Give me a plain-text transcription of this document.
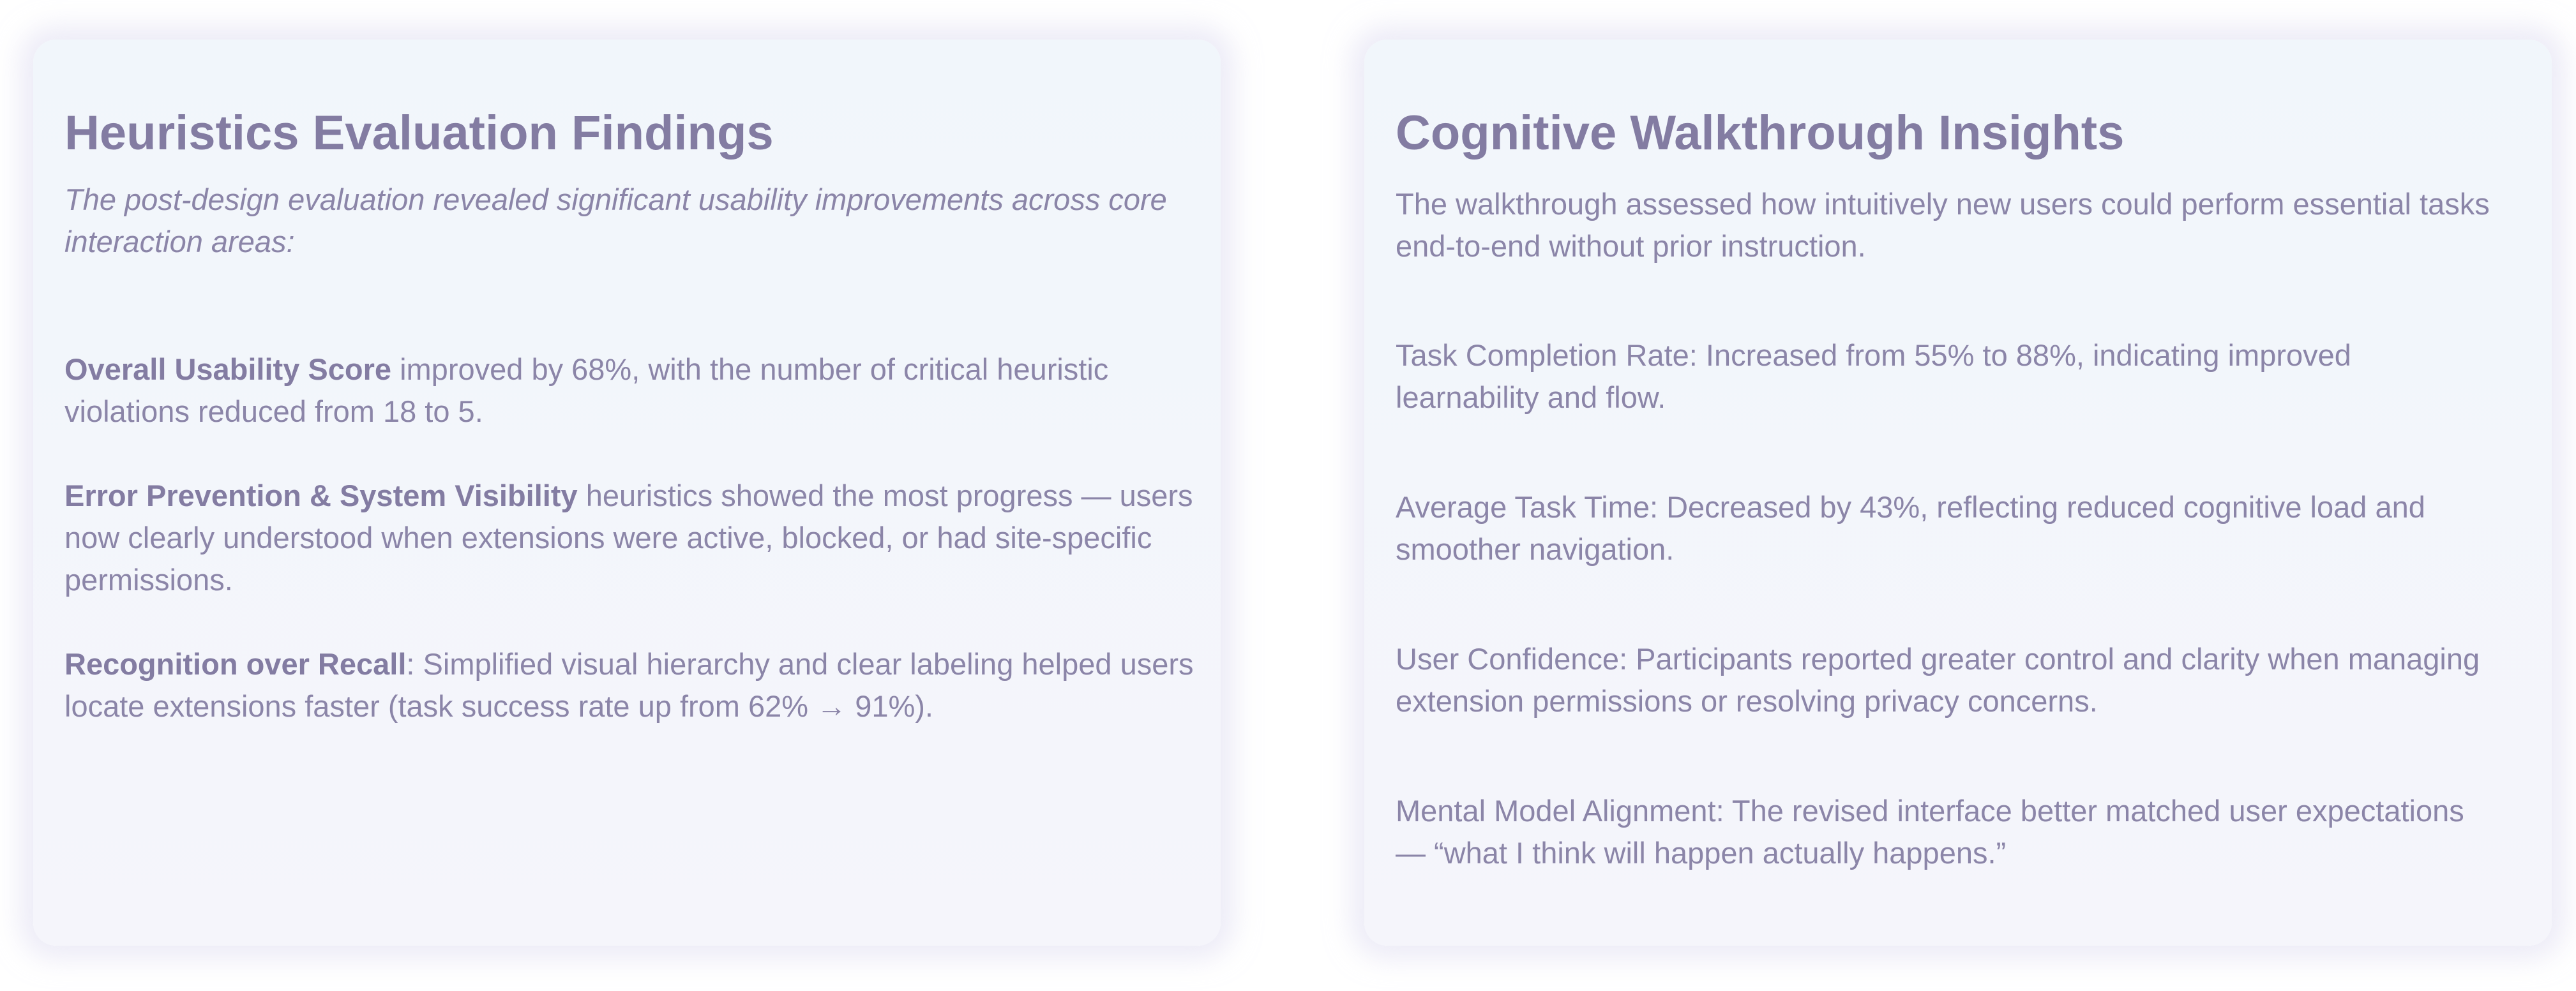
Heuristics Evaluation Findings

The post-design evaluation revealed significant usability improvements across core interaction areas:

Overall Usability Score improved by 68%, with the number of critical heuristic violations reduced from 18 to 5.

Error Prevention & System Visibility heuristics showed the most progress — users now clearly understood when extensions were active, blocked, or had site-specific permissions.

Recognition over Recall: Simplified visual hierarchy and clear labeling helped users locate extensions faster (task success rate up from 62% → 91%).

Cognitive Walkthrough Insights

The walkthrough assessed how intuitively new users could perform essential tasks end-to-end without prior instruction.

Task Completion Rate: Increased from 55% to 88%, indicating improved learnability and flow.

Average Task Time: Decreased by 43%, reflecting reduced cognitive load and smoother navigation.

User Confidence: Participants reported greater control and clarity when managing extension permissions or resolving privacy concerns.

Mental Model Alignment: The revised interface better matched user expectations — “what I think will happen actually happens.”
